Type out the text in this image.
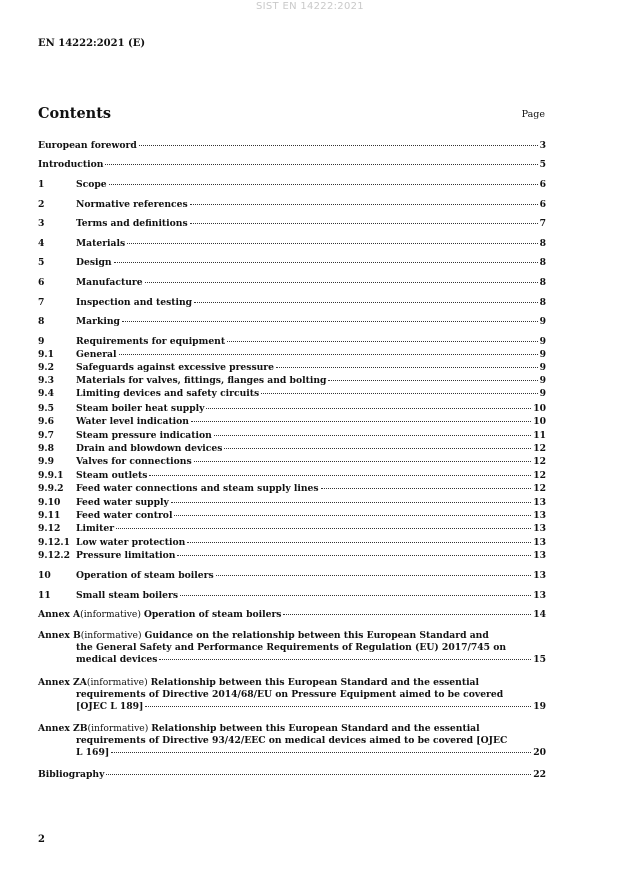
SIST EN 14222:2021
EN 14222:2021 (E)
Contents	Page
European foreword	3
Introduction	5
1	Scope	6
2	Normative references	6
3	Terms and definitions	7
4	Materials	8
5	Design	8
6	Manufacture	8
7	Inspection and testing	8
8	Marking	9
9	Requirements for equipment	9
9.1	General	9
9.2	Safeguards against excessive pressure	9
9.3	Materials for valves, fittings, flanges and bolting	9
9.4	Limiting devices and safety circuits	9
9.5	Steam boiler heat supply	10
9.6	Water level indication	10
9.7	Steam pressure indication	11
9.8	Drain and blowdown devices	12
9.9	Valves for connections	12
9.9.1	Steam outlets	12
9.9.2	Feed water connections and steam supply lines	12
9.10	Feed water supply	13
9.11	Feed water control	13
9.12	Limiter	13
9.12.1 Low water protection	13
9.12.2 Pressure limitation	13
10	Operation of steam boilers	13
11	Small steam boilers	13
Annex A (informative) Operation of steam boilers	14
Annex B (informative) Guidance on the relationship between this European Standard and
the General Safety and Performance Requirements of Regulation (EU) 2017/745 on
medical devices	15
Annex ZA (informative) Relationship between this European Standard and the essential
requirements of Directive 2014/68/EU on Pressure Equipment aimed to be covered
[OJEC L 189]	19
Annex ZB (informative) Relationship between this European Standard and the essential
requirements of Directive 93/42/EEC on medical devices aimed to be covered [OJEC
L 169]	20
Bibliography	22
2
